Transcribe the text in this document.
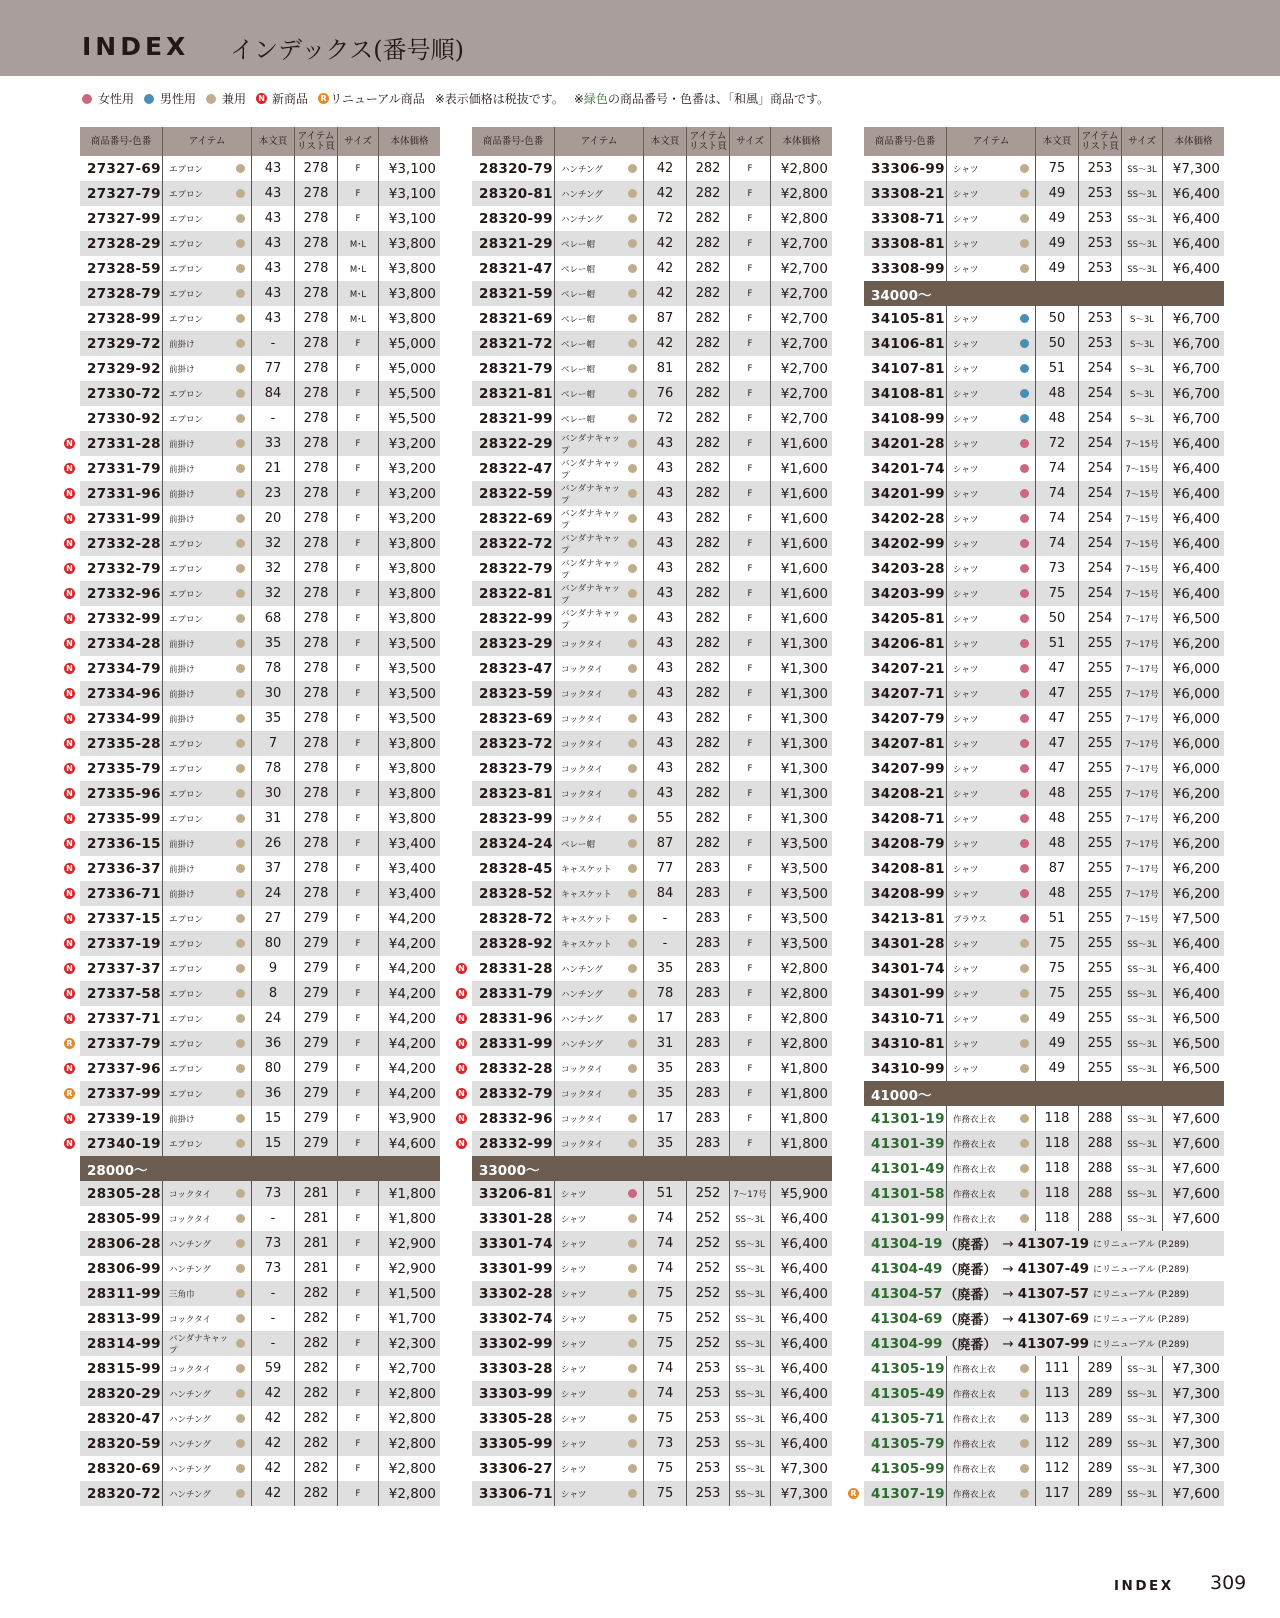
INDEX インデックス(番号順)
女性用 男性用 兼用 N 新商品	R リニューアル商品 ※表示価格は税抜です。 ※ 緑色 の商品番号・色番は、「和風」商品です。
商品番号-色番	アイテム	本文頁	アイテム
リスト頁 サイズ	本体価格
27327-69 エプロン	43	278	F	¥3,100
27327-79 エプロン	43	278	F	¥3,100
27327-99 エプロン	43	278	F	¥3,100
27328-29 エプロン	43	278	M･L	¥3,800
27328-59 エプロン	43	278	M･L	¥3,800
27328-79 エプロン	43	278	M･L	¥3,800
27328-99 エプロン	43	278	M･L	¥3,800
27329-72 前掛け	-	278	F	¥5,000
27329-92 前掛け	77	278	F	¥5,000
27330-72 エプロン	84	278	F	¥5,500
27330-92 エプロン	-	278	F	¥5,500
N	27331-28 前掛け	33	278	F	¥3,200
N	27331-79 前掛け	21	278	F	¥3,200
N	27331-96 前掛け	23	278	F	¥3,200
N	27331-99 前掛け	20	278	F	¥3,200
N	27332-28 エプロン	32	278	F	¥3,800
N	27332-79 エプロン	32	278	F	¥3,800
N	27332-96 エプロン	32	278	F	¥3,800
N	27332-99 エプロン	68	278	F	¥3,800
N	27334-28 前掛け	35	278	F	¥3,500
N	27334-79 前掛け	78	278	F	¥3,500
N	27334-96 前掛け	30	278	F	¥3,500
N	27334-99 前掛け	35	278	F	¥3,500
N	27335-28 エプロン	7	278	F	¥3,800
N	27335-79 エプロン	78	278	F	¥3,800
N	27335-96 エプロン	30	278	F	¥3,800
N	27335-99 エプロン	31	278	F	¥3,800
N	27336-15 前掛け	26	278	F	¥3,400
N	27336-37 前掛け	37	278	F	¥3,400
N	27336-71 前掛け	24	278	F	¥3,400
N	27337-15 エプロン	27	279	F	¥4,200
N	27337-19 エプロン	80	279	F	¥4,200
N	27337-37 エプロン	9	279	F	¥4,200
N	27337-58 エプロン	8	279	F	¥4,200
N	27337-71 エプロン	24	279	F	¥4,200
R	27337-79 エプロン	36	279	F	¥4,200
N	27337-96 エプロン	80	279	F	¥4,200
R	27337-99 エプロン	36	279	F	¥4,200
N	27339-19 前掛け	15	279	F	¥3,900
N	27340-19 エプロン	15	279	F	¥4,600
28000～
28305-28 コックタイ	73	281	F	¥1,800
28305-99 コックタイ	-	281	F	¥1,800
28306-28 ハンチング	73	281	F	¥2,900
28306-99 ハンチング	73	281	F	¥2,900
28311-99 三角巾	-	282	F	¥1,500
28313-99 コックタイ	-	282	F	¥1,700
28314-99 バンダナキャップ	-	282	F	¥2,300
28315-99 コックタイ	59	282	F	¥2,700
28320-29 ハンチング	42	282	F	¥2,800
28320-47 ハンチング	42	282	F	¥2,800
28320-59 ハンチング	42	282	F	¥2,800
28320-69 ハンチング	42	282	F	¥2,800
28320-72 ハンチング	42	282	F	¥2,800
商品番号-色番	アイテム	本文頁	アイテム
リスト頁 サイズ	本体価格
28320-79 ハンチング	42	282	F	¥2,800
28320-81 ハンチング	42	282	F	¥2,800
28320-99 ハンチング	72	282	F	¥2,800
28321-29 ベレー帽	42	282	F	¥2,700
28321-47 ベレー帽	42	282	F	¥2,700
28321-59 ベレー帽	42	282	F	¥2,700
28321-69 ベレー帽	87	282	F	¥2,700
28321-72 ベレー帽	42	282	F	¥2,700
28321-79 ベレー帽	81	282	F	¥2,700
28321-81 ベレー帽	76	282	F	¥2,700
28321-99 ベレー帽	72	282	F	¥2,700
28322-29 バンダナキャップ	43	282	F	¥1,600
28322-47 バンダナキャップ	43	282	F	¥1,600
28322-59 バンダナキャップ	43	282	F	¥1,600
28322-69 バンダナキャップ	43	282	F	¥1,600
28322-72 バンダナキャップ	43	282	F	¥1,600
28322-79 バンダナキャップ	43	282	F	¥1,600
28322-81 バンダナキャップ	43	282	F	¥1,600
28322-99 バンダナキャップ	43	282	F	¥1,600
28323-29 コックタイ	43	282	F	¥1,300
28323-47 コックタイ	43	282	F	¥1,300
28323-59 コックタイ	43	282	F	¥1,300
28323-69 コックタイ	43	282	F	¥1,300
28323-72 コックタイ	43	282	F	¥1,300
28323-79 コックタイ	43	282	F	¥1,300
28323-81 コックタイ	43	282	F	¥1,300
28323-99 コックタイ	55	282	F	¥1,300
28324-24 ベレー帽	87	282	F	¥3,500
28328-45 キャスケット	77	283	F	¥3,500
28328-52 キャスケット	84	283	F	¥3,500
28328-72 キャスケット	-	283	F	¥3,500
28328-92 キャスケット	-	283	F	¥3,500
N	28331-28 ハンチング	35	283	F	¥2,800
N	28331-79 ハンチング	78	283	F	¥2,800
N	28331-96 ハンチング	17	283	F	¥2,800
N	28331-99 ハンチング	31	283	F	¥2,800
N	28332-28 コックタイ	35	283	F	¥1,800
N	28332-79 コックタイ	35	283	F	¥1,800
N	28332-96 コックタイ	17	283	F	¥1,800
N	28332-99 コックタイ	35	283	F	¥1,800
33000～
33206-81 シャツ	51	252	7～17号	¥5,900
33301-28 シャツ	74	252	SS～3L	¥6,400
33301-74 シャツ	74	252	SS～3L	¥6,400
33301-99 シャツ	74	252	SS～3L	¥6,400
33302-28 シャツ	75	252	SS～3L	¥6,400
33302-74 シャツ	75	252	SS～3L	¥6,400
33302-99 シャツ	75	252	SS～3L	¥6,400
33303-28 シャツ	74	253	SS～3L	¥6,400
33303-99 シャツ	74	253	SS～3L	¥6,400
33305-28 シャツ	75	253	SS～3L	¥6,400
33305-99 シャツ	73	253	SS～3L	¥6,400
33306-27 シャツ	75	253	SS～3L	¥7,300
33306-71 シャツ	75	253	SS～3L	¥7,300
商品番号-色番	アイテム	本文頁	アイテム
リスト頁 サイズ	本体価格
33306-99 シャツ	75	253	SS～3L	¥7,300
33308-21 シャツ	49	253	SS～3L	¥6,400
33308-71 シャツ	49	253	SS～3L	¥6,400
33308-81 シャツ	49	253	SS～3L	¥6,400
33308-99 シャツ	49	253	SS～3L	¥6,400
34000～
34105-81 シャツ	50	253	S～3L	¥6,700
34106-81 シャツ	50	253	S～3L	¥6,700
34107-81 シャツ	51	254	S～3L	¥6,700
34108-81 シャツ	48	254	S～3L	¥6,700
34108-99 シャツ	48	254	S～3L	¥6,700
34201-28 シャツ	72	254	7～15号	¥6,400
34201-74 シャツ	74	254	7～15号	¥6,400
34201-99 シャツ	74	254	7～15号	¥6,400
34202-28 シャツ	74	254	7～15号	¥6,400
34202-99 シャツ	74	254	7～15号	¥6,400
34203-28 シャツ	73	254	7～15号	¥6,400
34203-99 シャツ	75	254	7～15号	¥6,400
34205-81 シャツ	50	254	7～17号	¥6,500
34206-81 シャツ	51	255	7～17号	¥6,200
34207-21 シャツ	47	255	7～17号	¥6,000
34207-71 シャツ	47	255	7～17号	¥6,000
34207-79 シャツ	47	255	7～17号	¥6,000
34207-81 シャツ	47	255	7～17号	¥6,000
34207-99 シャツ	47	255	7～17号	¥6,000
34208-21 シャツ	48	255	7～17号	¥6,200
34208-71 シャツ	48	255	7～17号	¥6,200
34208-79 シャツ	48	255	7～17号	¥6,200
34208-81 シャツ	87	255	7～17号	¥6,200
34208-99 シャツ	48	255	7～17号	¥6,200
34213-81 ブラウス	51	255	7～15号	¥7,500
34301-28 シャツ	75	255	SS～3L	¥6,400
34301-74 シャツ	75	255	SS～3L	¥6,400
34301-99 シャツ	75	255	SS～3L	¥6,400
34310-71 シャツ	49	255	SS～3L	¥6,500
34310-81 シャツ	49	255	SS～3L	¥6,500
34310-99 シャツ	49	255	SS～3L	¥6,500
41000～
41301-19 作務衣上衣	118	288	SS～3L	¥7,600
41301-39 作務衣上衣	118	288	SS～3L	¥7,600
41301-49 作務衣上衣	118	288	SS～3L	¥7,600
41301-58 作務衣上衣	118	288	SS～3L	¥7,600
41301-99 作務衣上衣	118	288	SS～3L	¥7,600
41304-19 （廃番） → 41307-19 にリニューアル (P.289)
41304-49 （廃番） → 41307-49 にリニューアル (P.289)
41304-57 （廃番） → 41307-57 にリニューアル (P.289)
41304-69 （廃番） → 41307-69 にリニューアル (P.289)
41304-99 （廃番） → 41307-99 にリニューアル (P.289)
41305-19 作務衣上衣	111	289	SS～3L	¥7,300
41305-49 作務衣上衣	113	289	SS～3L	¥7,300
41305-71 作務衣上衣	113	289	SS～3L	¥7,300
41305-79 作務衣上衣	112	289	SS～3L	¥7,300
41305-99 作務衣上衣	112	289	SS～3L	¥7,300
R	41307-19 作務衣上衣	117	289	SS～3L	¥7,600
INDEX 309
